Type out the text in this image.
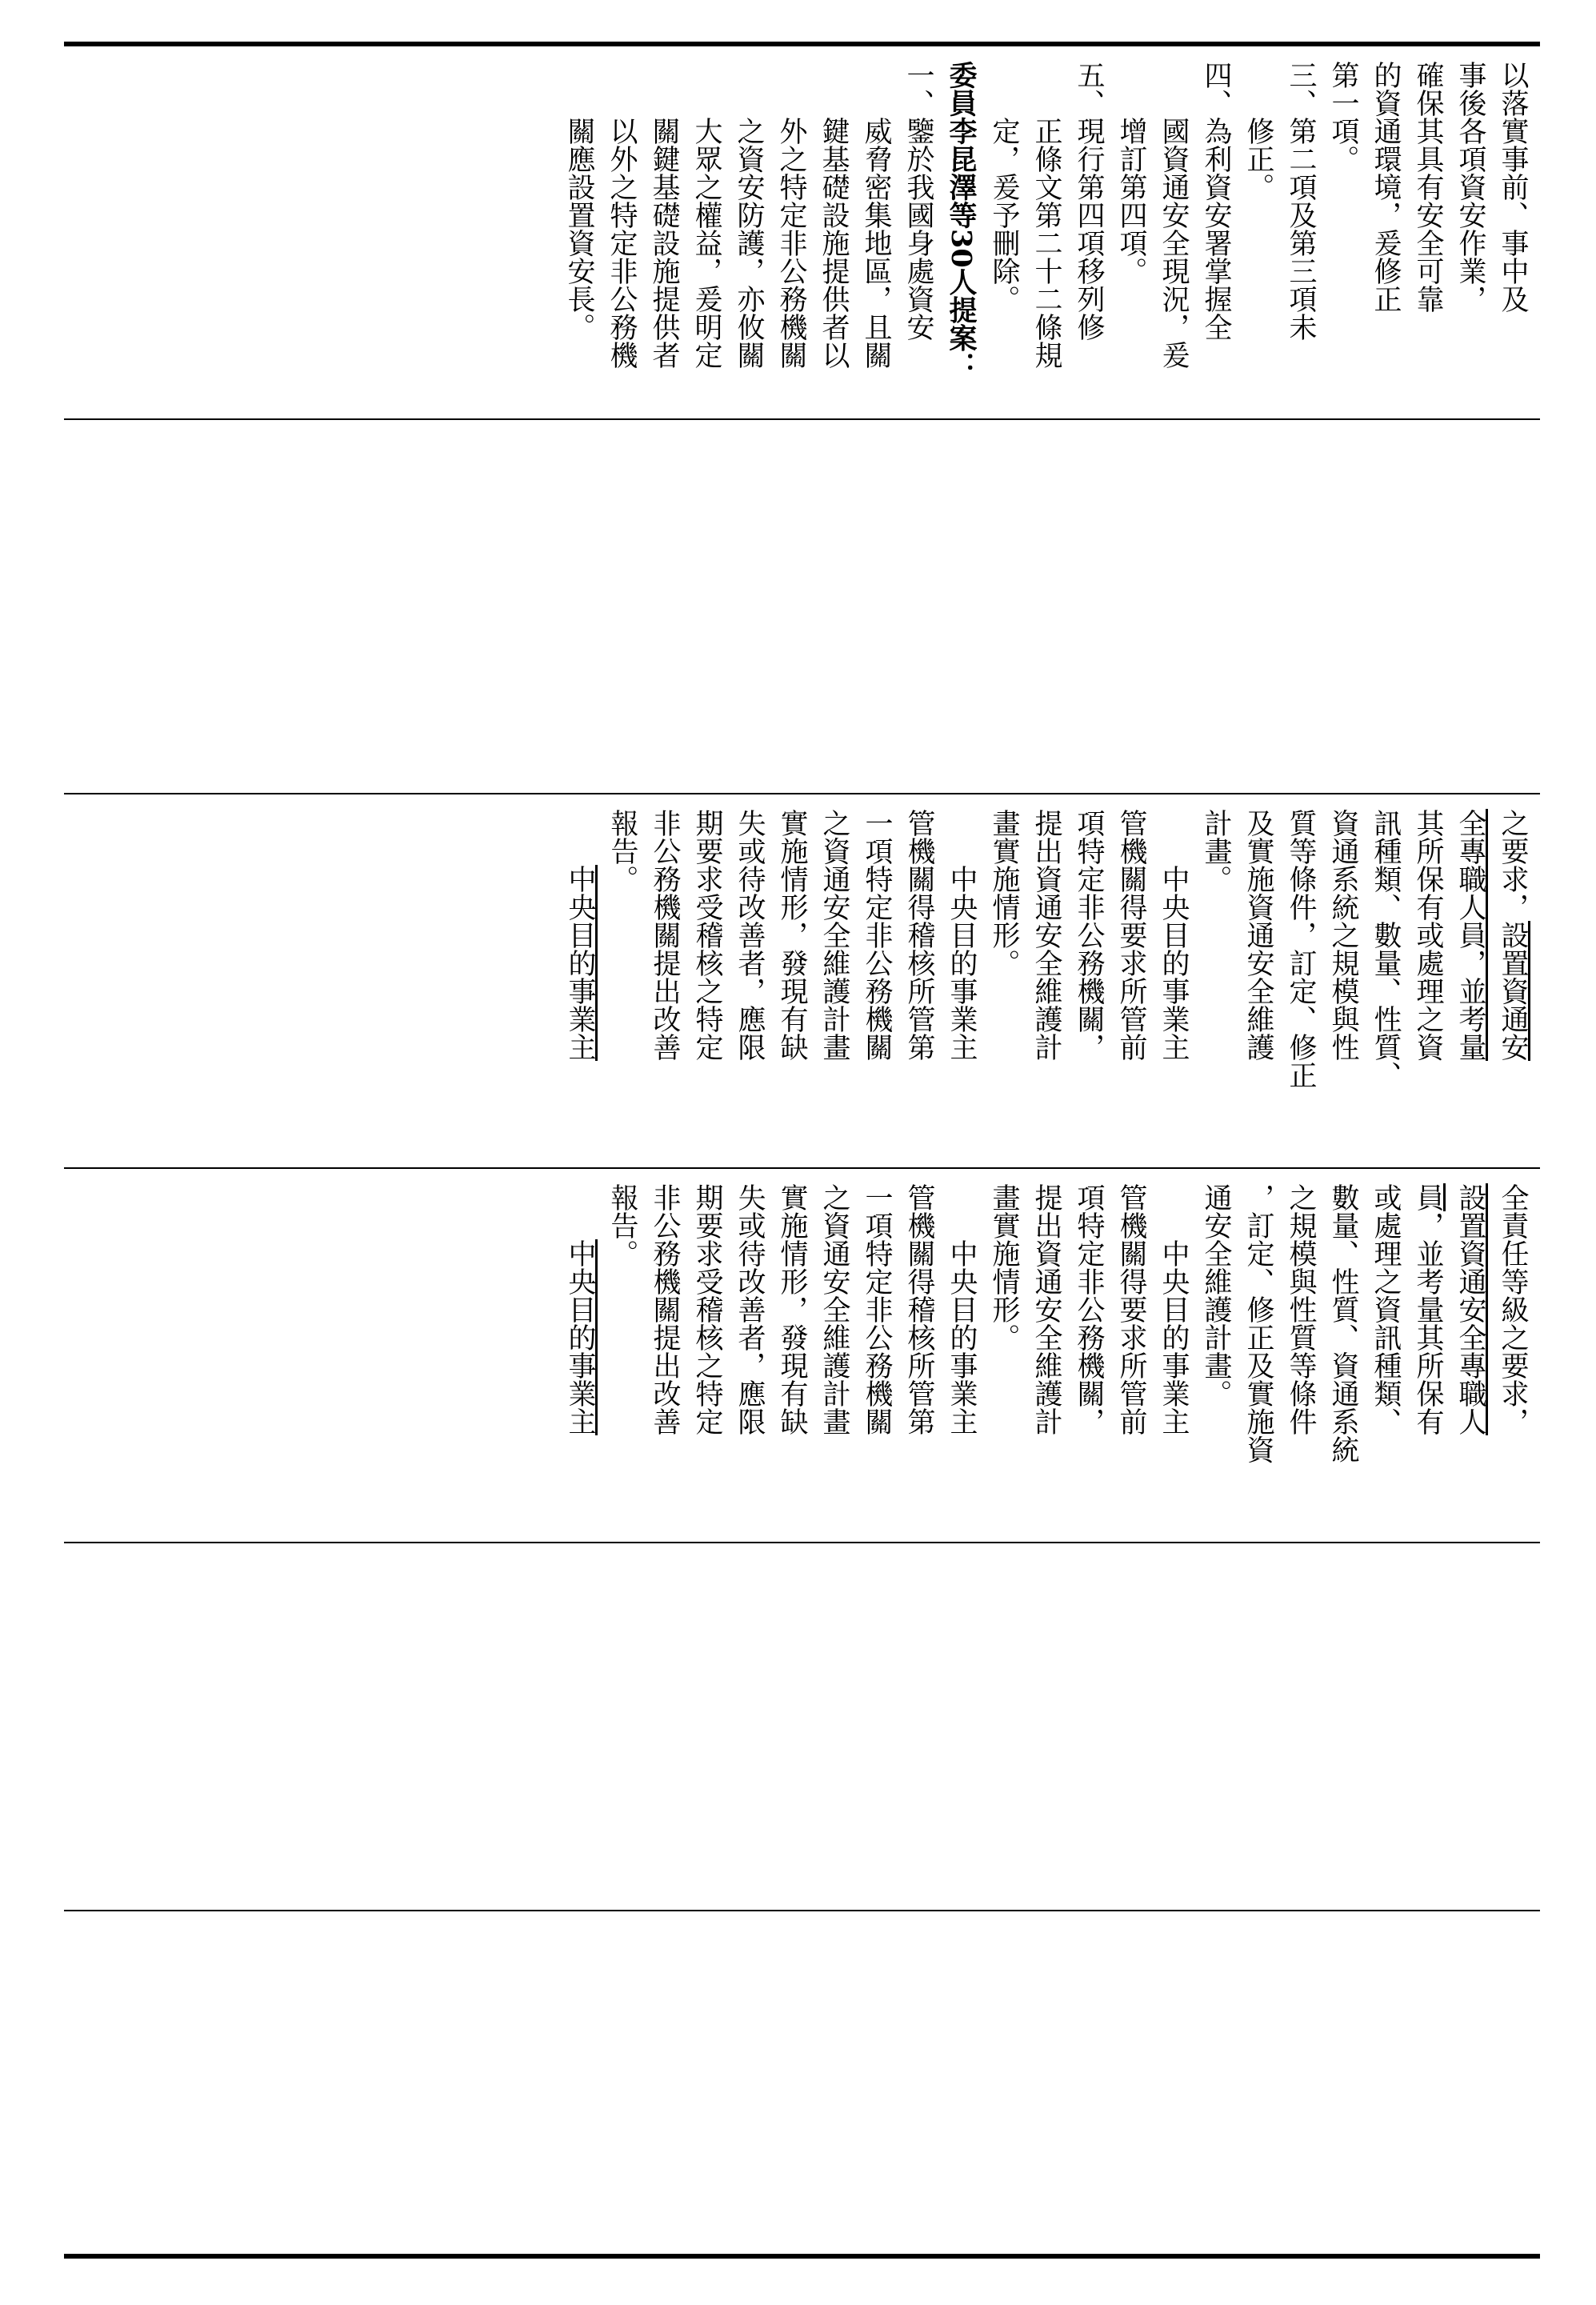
以落實事前、事中及
事後各項資安作業，
確保其具有安全可靠
的資通環境，爰修正
第一項。
三、第二項及第三項未
　　修正。
四、為利資安署掌握全
　　國資通安全現況，爰
　　增訂第四項。
五、現行第四項移列修
　　正條文第二十二條規
　　定，爰予刪除。
委員李昆澤等30人提案：
一、鑒於我國身處資安
　　威脅密集地區，且關
　　鍵基礎設施提供者以
　　外之特定非公務機關
　　之資安防護，亦攸關
　　大眾之權益，爰明定
　　關鍵基礎設施提供者
　　以外之特定非公務機
　　關應設置資安長。
之要求，設置資通安
全專職人員，並考量
其所保有或處理之資
訊種類、數量、性質、
資通系統之規模與性
質等條件，訂定、修正
及實施資通安全維護
計畫。
　　中央目的事業主
管機關得要求所管前
項特定非公務機關，
提出資通安全維護計
畫實施情形。
　　中央目的事業主
管機關得稽核所管第
一項特定非公務機關
之資通安全維護計畫
實施情形，發現有缺
失或待改善者，應限
期要求受稽核之特定
非公務機關提出改善
報告。
　　中央目的事業主
全責任等級之要求，
設置資通安全專職人
員，並考量其所保有
或處理之資訊種類、
數量、性質、資通系統
之規模與性質等條件
，訂定、修正及實施資
通安全維護計畫。
　　中央目的事業主
管機關得要求所管前
項特定非公務機關，
提出資通安全維護計
畫實施情形。
　　中央目的事業主
管機關得稽核所管第
一項特定非公務機關
之資通安全維護計畫
實施情形，發現有缺
失或待改善者，應限
期要求受稽核之特定
非公務機關提出改善
報告。
　　中央目的事業主
